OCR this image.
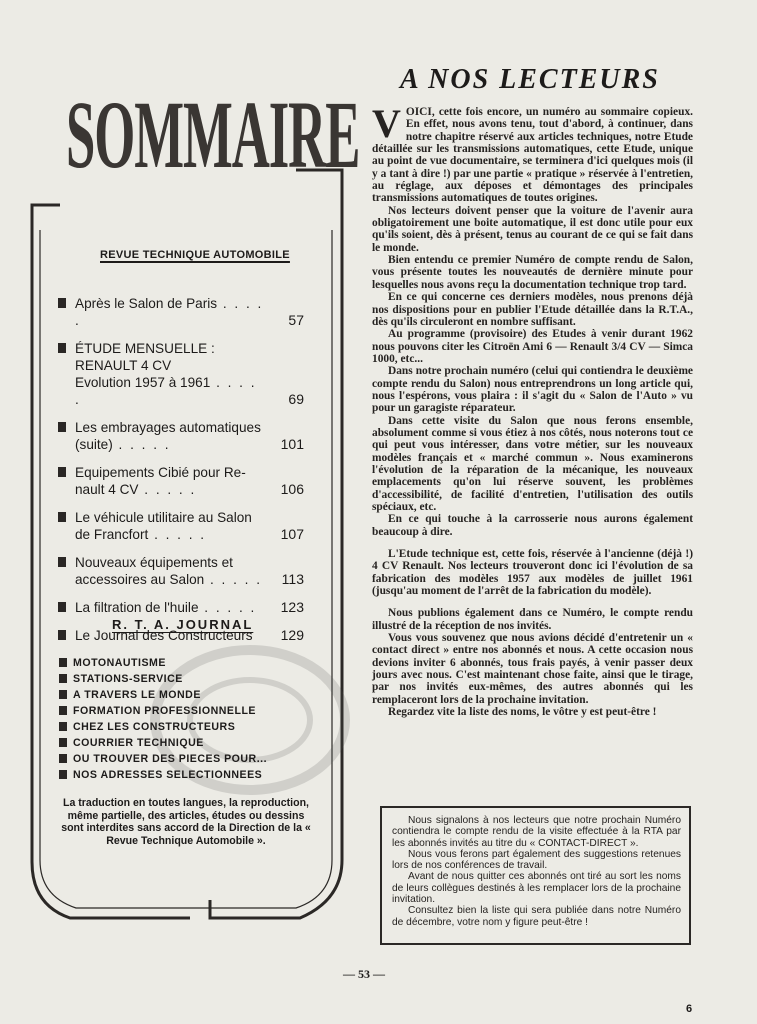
SOMMAIRE
REVUE TECHNIQUE AUTOMOBILE
Après le Salon de Paris . . . . .	57
ÉTUDE MENSUELLE :
RENAULT 4 CV
Evolution 1957 à 1961 . . . . .	69
Les embrayages automatiques
(suite) . . . . .	101
Equipements Cibié pour Re-
nault 4 CV . . . . .	106
Le véhicule utilitaire au Salon
de Francfort . . . . .	107
Nouveaux équipements et
accessoires au Salon . . . . .	113
La filtration de l'huile . . . . .	123
Le Journal des Constructeurs	129
R. T. A. JOURNAL
MOTONAUTISME
STATIONS-SERVICE
A TRAVERS LE MONDE
FORMATION PROFESSIONNELLE
CHEZ LES CONSTRUCTEURS
COURRIER TECHNIQUE
OU TROUVER DES PIECES POUR...
NOS ADRESSES SELECTIONNEES
La traduction en toutes langues, la reproduction, même partielle, des articles, études ou dessins sont interdites sans accord de la Direction de la « Revue Technique Automobile ».
A NOS LECTEURS

VOICI, cette fois encore, un numéro au sommaire copieux. En effet, nous avons tenu, tout d'abord, à continuer, dans notre chapitre réservé aux articles techniques, notre Etude détaillée sur les transmissions automatiques, cette Etude, unique au point de vue documentaire, se terminera d'ici quelques mois (il y a tant à dire !) par une partie « pratique » réservée à l'entretien, au réglage, aux déposes et démontages des principales transmissions automatiques de toutes origines.

Nos lecteurs doivent penser que la voiture de l'avenir aura obligatoirement une boite automatique, il est donc utile pour eux qu'ils soient, dès à présent, tenus au courant de ce qui se fait dans le monde.

Bien entendu ce premier Numéro de compte rendu de Salon, vous présente toutes les nouveautés de dernière minute pour lesquelles nous avons reçu la documentation technique trop tard.

En ce qui concerne ces derniers modèles, nous prenons déjà nos dispositions pour en publier l'Etude détaillée dans la R.T.A., dès qu'ils circuleront en nombre suffisant.

Au programme (provisoire) des Etudes à venir durant 1962 nous pouvons citer les Citroën Ami 6 — Renault 3/4 CV — Simca 1000, etc...

Dans notre prochain numéro (celui qui contiendra le deuxième compte rendu du Salon) nous entreprendrons un long article qui, nous l'espérons, vous plaira : il s'agit du « Salon de l'Auto » vu pour un garagiste réparateur.

Dans cette visite du Salon que nous ferons ensemble, absolument comme si vous étiez à nos côtés, nous noterons tout ce qui peut vous intéresser, dans votre métier, sur les nouveaux modèles français et « marché commun ». Nous examinerons l'évolution de la réparation de la mécanique, les nouveaux emplacements qu'on lui réserve souvent, les problèmes d'accessibilité, de facilité d'entretien, l'utilisation des outils spéciaux, etc.

En ce qui touche à la carrosserie nous aurons également beaucoup à dire.

L'Etude technique est, cette fois, réservée à l'ancienne (déjà !) 4 CV Renault. Nos lecteurs trouveront donc ici l'évolution de sa fabrication des modèles 1957 aux modèles de juillet 1961 (jusqu'au moment de l'arrêt de la fabrication du modèle).

Nous publions également dans ce Numéro, le compte rendu illustré de la réception de nos invités.

Vous vous souvenez que nous avions décidé d'entretenir un « contact direct » entre nos abonnés et nous. A cette occasion nous devions inviter 6 abonnés, tous frais payés, à venir passer deux jours avec nous. C'est maintenant chose faite, ainsi que le tirage, par nos invités eux-mêmes, des autres abonnés qui les remplaceront lors de la prochaine invitation.

Regardez vite la liste des noms, le vôtre y est peut-être !

Nous signalons à nos lecteurs que notre prochain Numéro contiendra le compte rendu de la visite effectuée à la RTA par les abonnés invités au titre du « CONTACT-DIRECT ».

Nous vous ferons part également des suggestions retenues lors de nos conférences de travail.

Avant de nous quitter ces abonnés ont tiré au sort les noms de leurs collègues destinés à les remplacer lors de la prochaine invitation.

Consultez bien la liste qui sera publiée dans notre Numéro de décembre, votre nom y figure peut-être !

— 53 —
6
